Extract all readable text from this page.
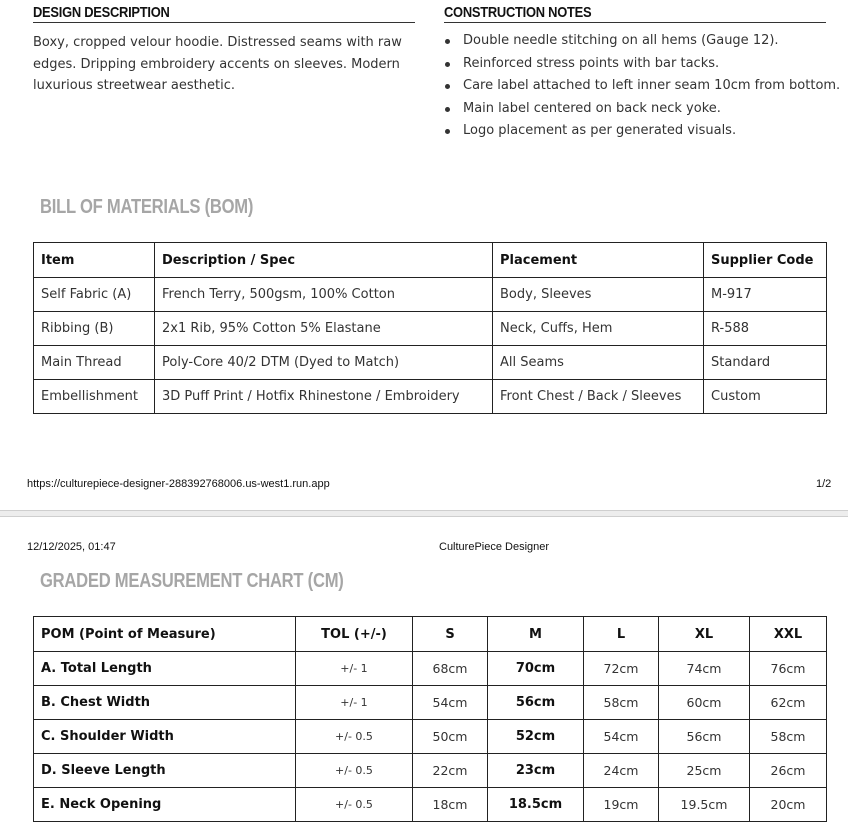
DESIGN DESCRIPTION
Boxy, cropped velour hoodie. Distressed seams with raw edges. Dripping embroidery accents on sleeves. Modern luxurious streetwear aesthetic.
CONSTRUCTION NOTES
Double needle stitching on all hems (Gauge 12).
Reinforced stress points with bar tacks.
Care label attached to left inner seam 10cm from bottom.
Main label centered on back neck yoke.
Logo placement as per generated visuals.
BILL OF MATERIALS (BOM)
Item	Description / Spec	Placement	Supplier Code
Self Fabric (A)	French Terry, 500gsm, 100% Cotton	Body, Sleeves	M-917
Ribbing (B)	2x1 Rib, 95% Cotton 5% Elastane	Neck, Cuffs, Hem	R-588
Main Thread	Poly-Core 40/2 DTM (Dyed to Match)	All Seams	Standard
Embellishment	3D Puff Print / Hotfix Rhinestone / Embroidery	Front Chest / Back / Sleeves	Custom
https://culturepiece-designer-288392768006.us-west1.run.app	1/2
12/12/2025, 01:47	CulturePiece Designer
GRADED MEASUREMENT CHART (CM)
POM (Point of Measure)	TOL (+/-)	S	M	L	XL	XXL
A. Total Length	+/- 1	68cm	70cm	72cm	74cm	76cm
B. Chest Width	+/- 1	54cm	56cm	58cm	60cm	62cm
C. Shoulder Width	+/- 0.5	50cm	52cm	54cm	56cm	58cm
D. Sleeve Length	+/- 0.5	22cm	23cm	24cm	25cm	26cm
E. Neck Opening	+/- 0.5	18cm	18.5cm	19cm	19.5cm	20cm
